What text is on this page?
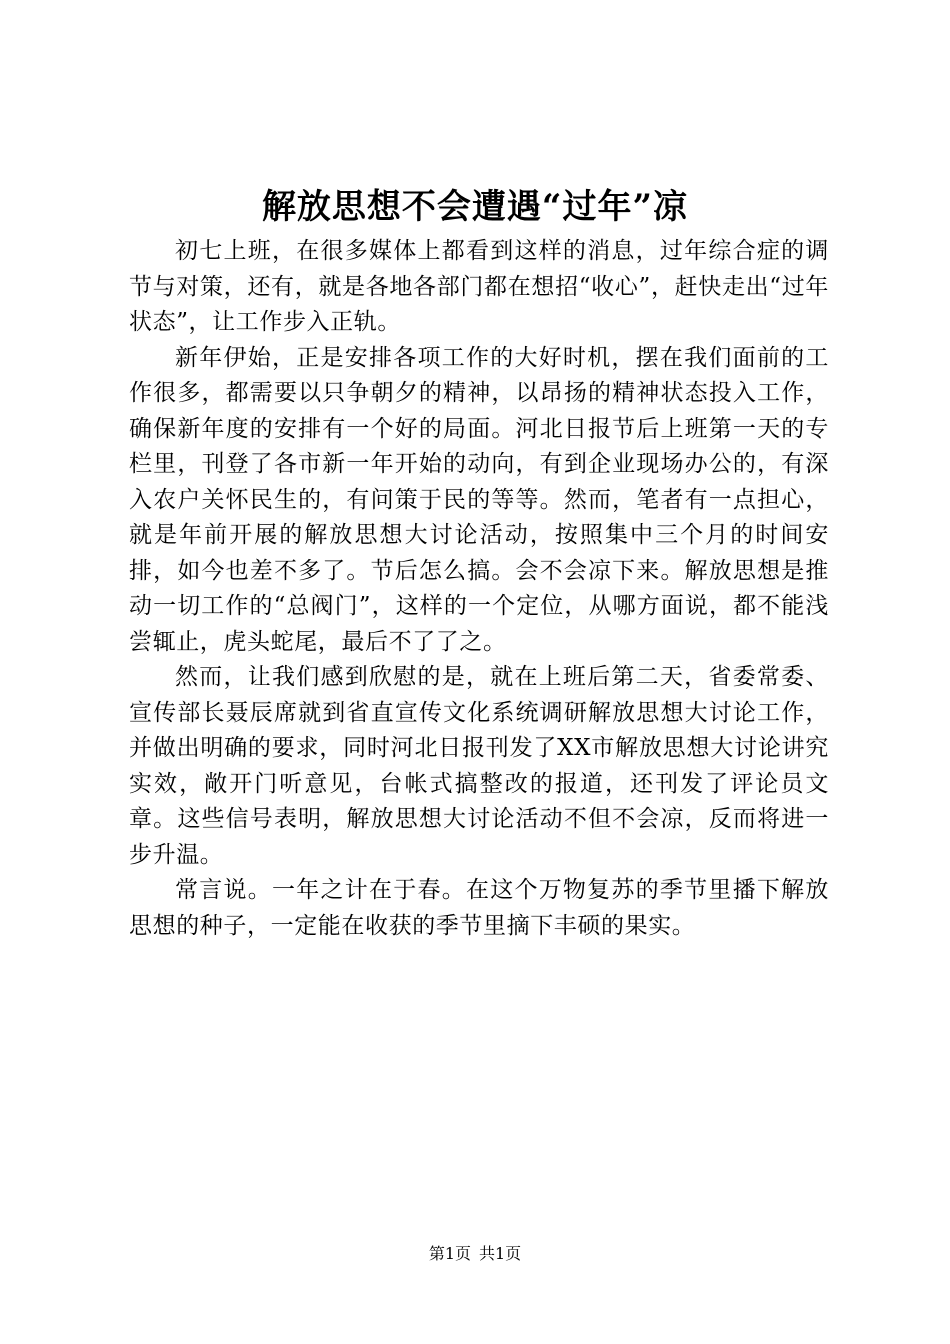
解放思想不会遭遇“过年”凉

初七上班，在很多媒体上都看到这样的消息，过年综合症的调节与对策，还有，就是各地各部门都在想招“收心”，赶快走出“过年状态”，让工作步入正轨。

新年伊始，正是安排各项工作的大好时机，摆在我们面前的工作很多，都需要以只争朝夕的精神，以昂扬的精神状态投入工作，确保新年度的安排有一个好的局面。河北日报节后上班第一天的专栏里，刊登了各市新一年开始的动向，有到企业现场办公的，有深入农户关怀民生的，有问策于民的等等。然而，笔者有一点担心，就是年前开展的解放思想大讨论活动，按照集中三个月的时间安排，如今也差不多了。节后怎么搞。会不会凉下来。解放思想是推动一切工作的“总阀门”，这样的一个定位，从哪方面说，都不能浅尝辄止，虎头蛇尾，最后不了了之。

然而，让我们感到欣慰的是，就在上班后第二天，省委常委、宣传部长聂辰席就到省直宣传文化系统调研解放思想大讨论工作，并做出明确的要求，同时河北日报刊发了XX市解放思想大讨论讲究实效，敞开门听意见，台帐式搞整改的报道，还刊发了评论员文章。这些信号表明，解放思想大讨论活动不但不会凉，反而将进一步升温。

常言说。一年之计在于春。在这个万物复苏的季节里播下解放思想的种子，一定能在收获的季节里摘下丰硕的果实。

第1页 共1页
